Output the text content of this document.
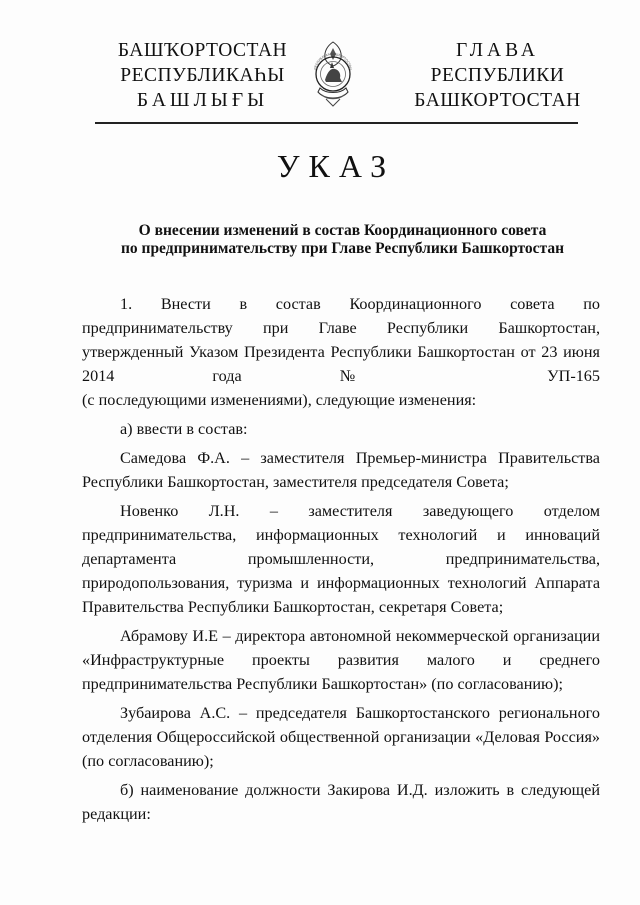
БАШҠОРТОСТАН
РЕСПУБЛИКАҺЫ
БАШЛЫҒЫ
РЕСПУБЛИКА БАШКОРТОСТАН
ГЛАВА
РЕСПУБЛИКИ
БАШКОРТОСТАН
УКАЗ
О внесении изменений в состав Координационного совета
по предпринимательству при Главе Республики Башкортостан

1. Внести в состав Координационного совета по предпринимательству при Главе Республики Башкортостан, утвержденный Указом Президента Республики Башкортостан от 23 июня 2014 года № УП-165

(с последующими изменениями), следующие изменения:

а) ввести в состав:

Самедова Ф.А. – заместителя Премьер-министра Правительства Республики Башкортостан, заместителя председателя Совета;

Новенко Л.Н. – заместителя заведующего отделом предпринимательства, информационных технологий и инноваций департамента промышленности, предпринимательства, природопользования, туризма и информационных технологий Аппарата Правительства Республики Башкортостан, секретаря Совета;

Абрамову И.Е – директора автономной некоммерческой организации «Инфраструктурные проекты развития малого и среднего предпринимательства Республики Башкортостан» (по согласованию);

Зубаирова А.С. – председателя Башкортостанского регионального отделения Общероссийской общественной организации «Деловая Россия» (по согласованию);

б) наименование должности Закирова И.Д. изложить в следующей редакции:
